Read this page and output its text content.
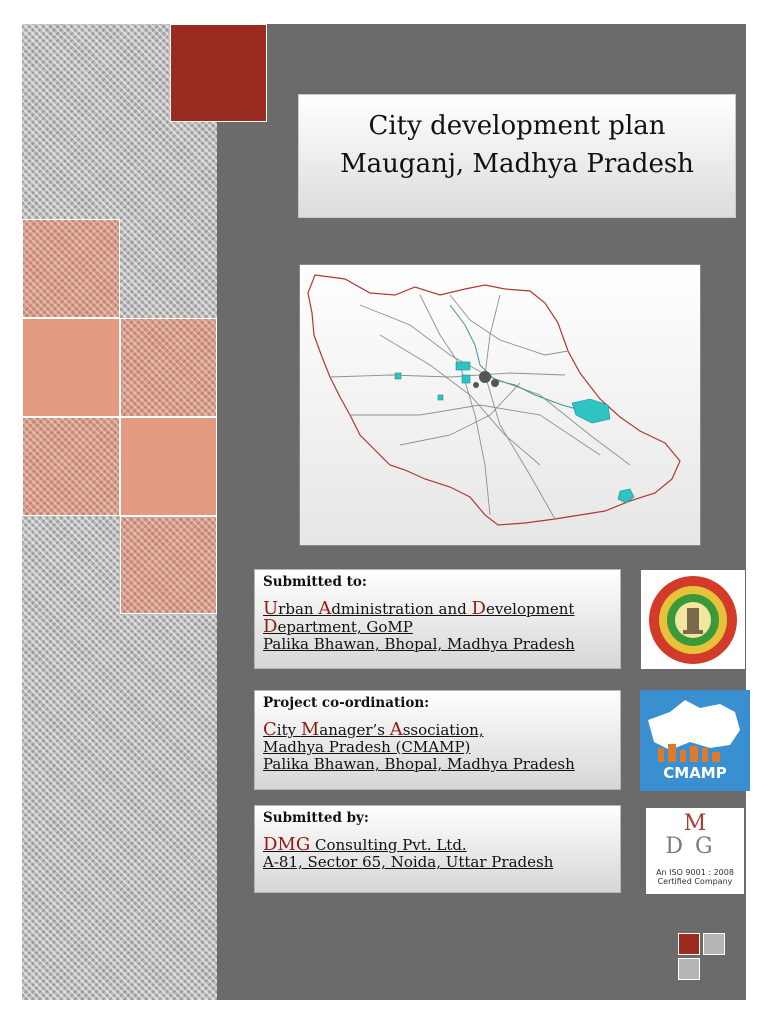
City development plan
Mauganj, Madhya Pradesh
Submitted to:
Urban Administration and Development
Department, GoMP
Palika Bhawan, Bhopal, Madhya Pradesh
Project co-ordination:
City Manager’s Association,
Madhya Pradesh (CMAMP)
Palika Bhawan, Bhopal, Madhya Pradesh	CMAMP
Submitted by:
DMG Consulting Pvt. Ltd.
A-81, Sector 65, Noida, Uttar Pradesh
M
DG
An ISO 9001 : 2008
Certified Company
